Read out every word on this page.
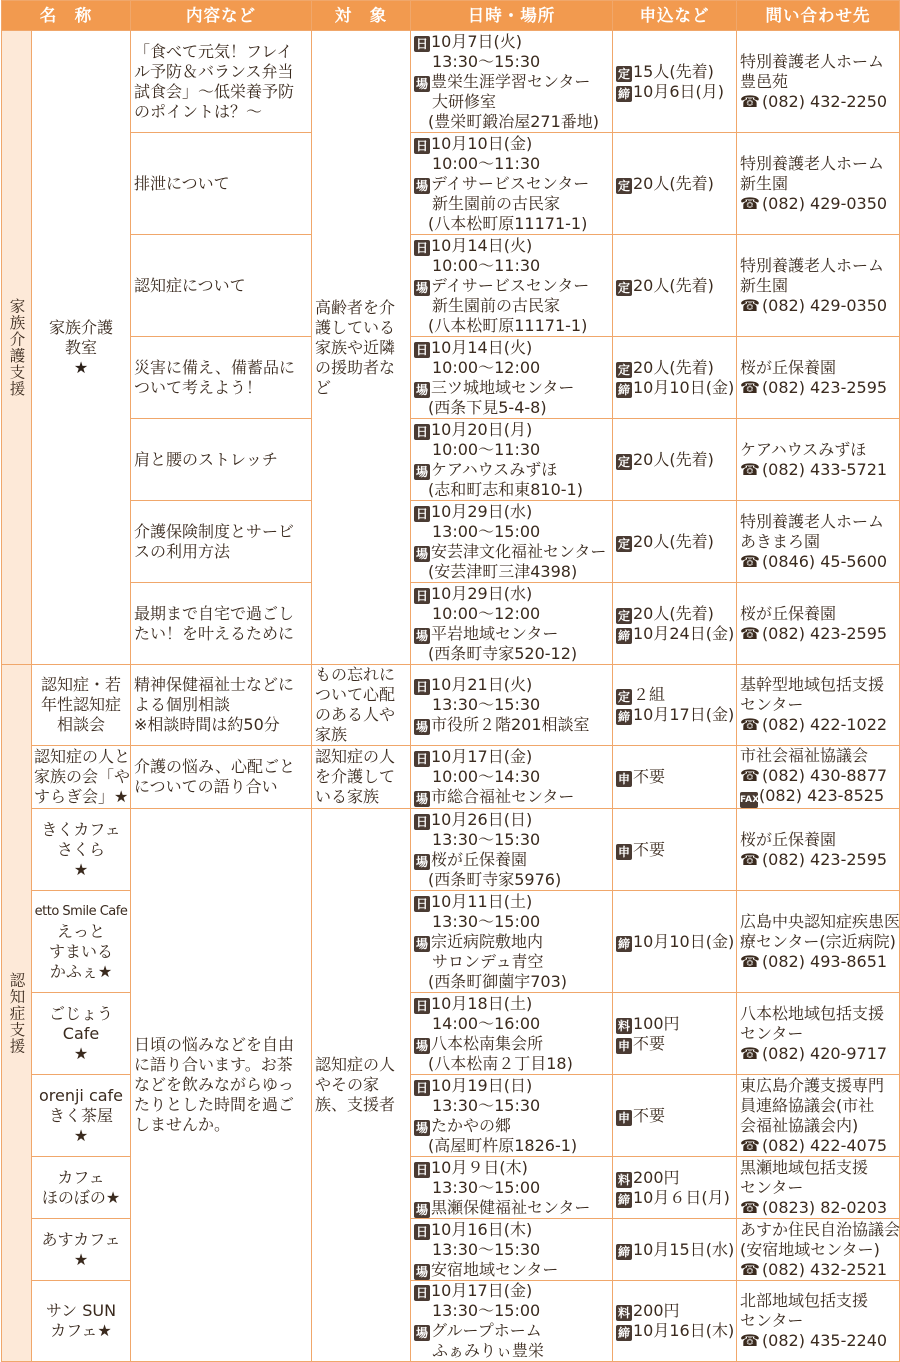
名　称		内容など	対　象	日時・場所	申込など	問い合わせ先

家族介護支援	家族介護
教室
★	「食べて元気！フレイル予防＆バランス弁当試食会」〜低栄養予防のポイントは？〜	高齢者を介護している家族や近隣の援助者など	日 10月7日(火)
13:30〜15:30
場 豊栄生涯学習センター
大研修室
(豊栄町鍛冶屋271番地)	定 15人(先着)
締 10月6日(月)	特別養護老人ホーム
豊邑苑
☎ (082) 432-2250

		排泄について		日 10月10日(金)
10:00〜11:30
場 デイサービスセンター
新生園前の古民家
(八本松町原11171-1)	定 20人(先着)	特別養護老人ホーム
新生園
☎ (082) 429-0350

		認知症について		日 10月14日(火)
10:00〜11:30
場 デイサービスセンター
新生園前の古民家
(八本松町原11171-1)	定 20人(先着)	特別養護老人ホーム
新生園
☎ (082) 429-0350

		災害に備え、備蓄品について考えよう！		日 10月14日(火)
10:00〜12:00
場 三ツ城地域センター
(西条下見5-4-8)	定 20人(先着)
締 10月10日(金)	桜が丘保養園
☎ (082) 423-2595

		肩と腰のストレッチ		日 10月20日(月)
10:00〜11:30
場 ケアハウスみずほ
(志和町志和東810-1)	定 20人(先着)	ケアハウスみずほ
☎ (082) 433-5721

		介護保険制度とサービスの利用方法		日 10月29日(水)
13:00〜15:00
場 安芸津文化福祉センター
(安芸津町三津4398)	定 20人(先着)	特別養護老人ホーム
あきまろ園
☎ (0846) 45-5600

		最期まで自宅で過ごしたい！を叶えるために		日 10月29日(水)
10:00〜12:00
場 平岩地域センター
(西条町寺家520-12)	定 20人(先着)
締 10月24日(金)	桜が丘保養園
☎ (082) 423-2595

認知症支援	認知症・若
年性認知症
相談会	精神保健福祉士などに
よる個別相談
※相談時間は約50分	もの忘れについて心配のある人や家族	日 10月21日(火)
13:30〜15:30
場 市役所２階201相談室	定 ２組
締 10月17日(金)	基幹型地域包括支援
センター
☎ (082) 422-1022

	認知症の人と
家族の会「や
すらぎ会」★	介護の悩み、心配ごとについての語り合い	認知症の人を介護している家族	日 10月17日(金)
10:00〜14:30
場 市総合福祉センター	申 不要	市社会福祉協議会
☎ (082) 430-8877
FAX(082) 423-8525

	きくカフェ
さくら
★	日頃の悩みなどを自由に語り合います。お茶などを飲みながらゆったりとした時間を過ごしませんか。	認知症の人やその家族、支援者	日 10月26日(日)
13:30〜15:30
場 桜が丘保養園
(西条町寺家5976)	申 不要	桜が丘保養園
☎ (082) 423-2595

	etto Smile Cafe
えっと
すまいる
かふぇ★			日 10月11日(土)
13:30〜15:00
場 宗近病院敷地内
サロンデュ青空
(西条町御薗宇703)	締 10月10日(金)	広島中央認知症疾患医
療センター(宗近病院)
☎ (082) 493-8651

	ごじょう
Cafe
★			日 10月18日(土)
14:00〜16:00
場 八本松南集会所
(八本松南２丁目18)	料 100円
申 不要	八本松地域包括支援
センター
☎ (082) 420-9717

	orenji cafe
きく茶屋
★			日 10月19日(日)
13:30〜15:30
場 たかやの郷
(高屋町杵原1826-1)	申 不要	東広島介護支援専門
員連絡協議会(市社
会福祉協議会内)
☎ (082) 422-4075

	カフェ
ほのぼの★			日 10月９日(木)
13:30〜15:00
場 黒瀬保健福祉センター	料 200円
締 10月６日(月)	黒瀬地域包括支援
センター
☎ (0823) 82-0203

	あすカフェ
★			日 10月16日(木)
13:30〜15:30
場 安宿地域センター	締 10月15日(水)	あすか住民自治協議会
(安宿地域センター)
☎ (082) 432-2521

	サン SUN
カフェ★			日 10月17日(金)
13:30〜15:00
場 グループホーム
ふぁみりぃ豊栄	料 200円
締 10月16日(木)	北部地域包括支援
センター
☎ (082) 435-2240
